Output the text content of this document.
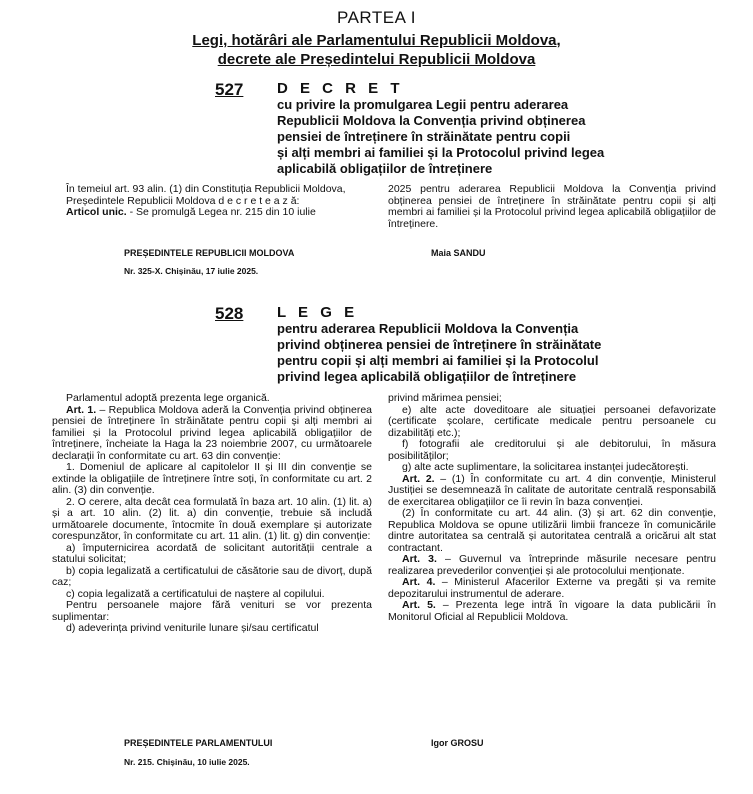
PARTEA I
Legi, hotărâri ale Parlamentului Republicii Moldova,
decrete ale Președintelui Republicii Moldova
527 D E C R E T
cu privire la promulgarea Legii pentru aderarea
Republicii Moldova la Convenția privind obținerea
pensiei de întreținere în străinătate pentru copii
și alți membri ai familiei și la Protocolul privind legea
aplicabilă obligațiilor de întreținere

În temeiul art. 93 alin. (1) din Constituția Republicii Moldova,

Președintele Republicii Moldova d e c r e t e a z ă:

Articol unic. - Se promulgă Legea nr. 215 din 10 iulie

2025 pentru aderarea Republicii Moldova la Convenția privind obținerea pensiei de întreținere în străinătate pentru copii și alți membri ai familiei și la Protocolul privind legea aplicabilă obligațiilor de întreținere.

PREȘEDINTELE REPUBLICII MOLDOVA	Maia SANDU
Nr. 325-X. Chișinău, 17 iulie 2025.
528 L E G E
pentru aderarea Republicii Moldova la Convenția
privind obținerea pensiei de întreținere în străinătate
pentru copii și alți membri ai familiei și la Protocolul
privind legea aplicabilă obligațiilor de întreținere

Parlamentul adoptă prezenta lege organică.

Art. 1. – Republica Moldova aderă la Convenția privind obținerea pensiei de întreținere în străinătate pentru copii și alți membri ai familiei și la Protocolul privind legea aplicabilă obligațiilor de întreținere, încheiate la Haga la 23 noiembrie 2007, cu următoarele declarații în conformitate cu art. 63 din convenție:

1. Domeniul de aplicare al capitolelor II și III din convenție se extinde la obligațiile de întreținere între soți, în conformitate cu art. 2 alin. (3) din convenție.

2. O cerere, alta decât cea formulată în baza art. 10 alin. (1) lit. a) și a art. 10 alin. (2) lit. a) din convenție, trebuie să includă următoarele documente, întocmite în două exemplare și autorizate corespunzător, în conformitate cu art. 11 alin. (1) lit. g) din convenție:

a) împuternicirea acordată de solicitant autorității centrale a statului solicitat;

b) copia legalizată a certificatului de căsătorie sau de divorț, după caz;

c) copia legalizată a certificatului de naștere al copilului.

Pentru persoanele majore fără venituri se vor prezenta suplimentar:

d) adeverința privind veniturile lunare și/sau certificatul

privind mărimea pensiei;

e) alte acte doveditoare ale situației persoanei defavorizate (certificate școlare, certificate medicale pentru persoanele cu dizabilități etc.);

f) fotografii ale creditorului și ale debitorului, în măsura posibilităților;

g) alte acte suplimentare, la solicitarea instanței judecătorești.

Art. 2. – (1) În conformitate cu art. 4 din convenție, Ministerul Justiției se desemnează în calitate de autoritate centrală responsabilă de exercitarea obligațiilor ce îi revin în baza convenției.

(2) În conformitate cu art. 44 alin. (3) și art. 62 din convenție, Republica Moldova se opune utilizării limbii franceze în comunicările dintre autoritatea sa centrală și autoritatea centrală a oricărui alt stat contractant.

Art. 3. – Guvernul va întreprinde măsurile necesare pentru realizarea prevederilor convenției și ale protocolului menționate.

Art. 4. – Ministerul Afacerilor Externe va pregăti și va remite depozitarului instrumentul de aderare.

Art. 5. – Prezenta lege intră în vigoare la data publicării în Monitorul Oficial al Republicii Moldova.

PREȘEDINTELE PARLAMENTULUI	Igor GROSU
Nr. 215. Chișinău, 10 iulie 2025.
